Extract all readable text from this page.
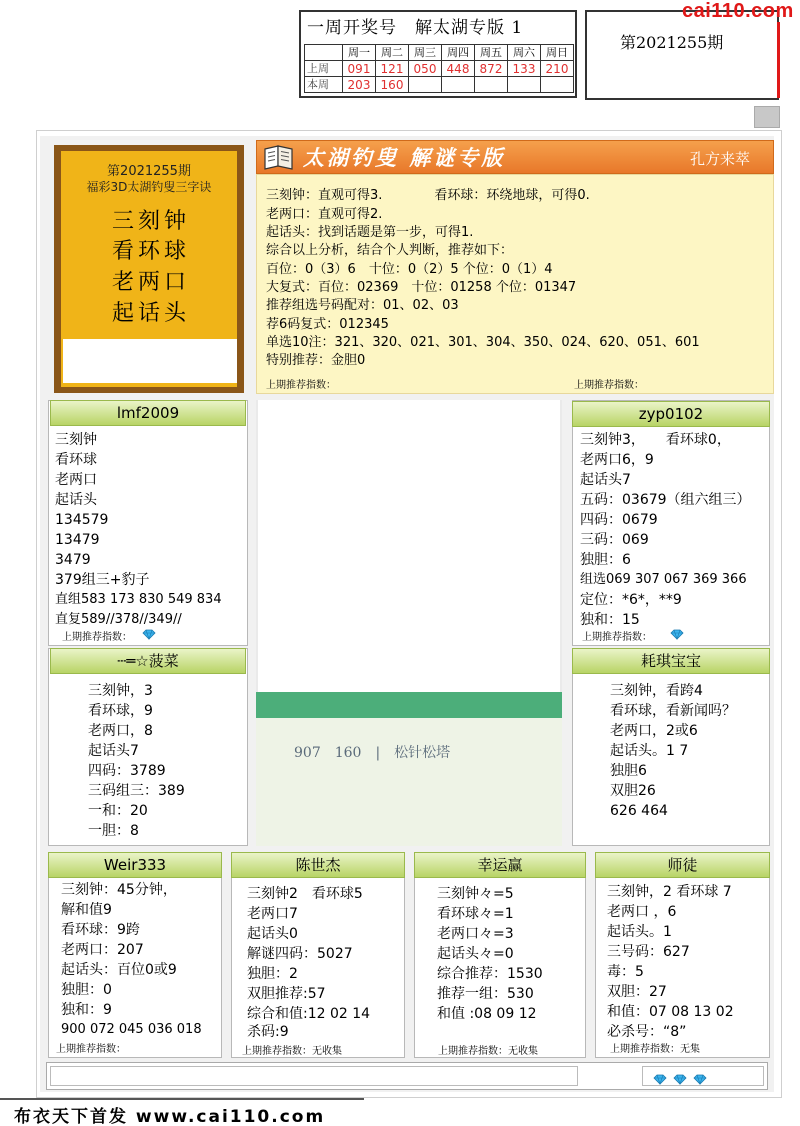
一周开奖号　解太湖专版 1
	周一	周二	周三	周四	周五	周六	周日
上周	091	121	050	448	872	133	210
本周	203	160					
第2021255期
cai110.com
第2021255期
福彩3D太湖钓叟三字诀
三刻钟
看环球
老两口
起话头
太湖钓叟 解谜专版	孔方来萃
三刻钟：直观可得3.　　　　看环球：环绕地球，可得0.
老两口：直观可得2.
起话头：找到话题是第一步，可得1.
综合以上分析，结合个人判断，推荐如下：
百位：0（3）6　十位：0（2）5 个位：0（1）4
大复式：百位：02369　十位：01258 个位：01347
推荐组选号码配对：01、02、03
荐6码复式：012345
单选10注：321、320、021、301、304、350、024、620、051、601
特别推荐：金胆0
上期推荐指数：	上期推荐指数：
907　160　|　松针松塔
lmf2009
三刻钟
看环球
老两口
起话头
134579
13479
3479
379组三+豹子
直组583 173 830 549 834
直复589//378//349//
上期推荐指数：
zyp0102
三刻钟3，　　看环球0，
老两口6，9
起话头7
五码：03679（组六组三）
四码：0679
三码：069
独胆：6
组选069 307 067 369 366
定位：*6*，**9
独和：15
上期推荐指数：
┄═☆菠菜
三刻钟，3
看环球，9
老两口，8
起话头7
四码：3789
三码组三：389
一和：20
一胆：8
耗琪宝宝
三刻钟，看跨4
看环球，看新闻吗？
老两口，2或6
起话头。1 7
独胆6
双胆26
626 464
Weir333
三刻钟：45分钟，
解和值9
看环球：9跨
老两口：207
起话头：百位0或9
独胆：0
独和：9
900 072 045 036 018
上期推荐指数：
陈世杰
三刻钟2　看环球5
老两口7
起话头0
解谜四码：5027
独胆：2
双胆推荐:57
综合和值:12 02 14
杀码:9
上期推荐指数：无收集
幸运赢
三刻钟々=5
看环球々=1
老两口々=3
起话头々=0
综合推荐：1530
推荐一组：530
和值 :08 09 12
上期推荐指数：无收集
师徒
三刻钟，2 看环球 7
老两口 ，6
起话头。1
三号码：627
毒：5
双胆：27
和值：07 08 13 02
必杀号：“8”
上期推荐指数：无集
布衣天下首发 www.cai110.com
